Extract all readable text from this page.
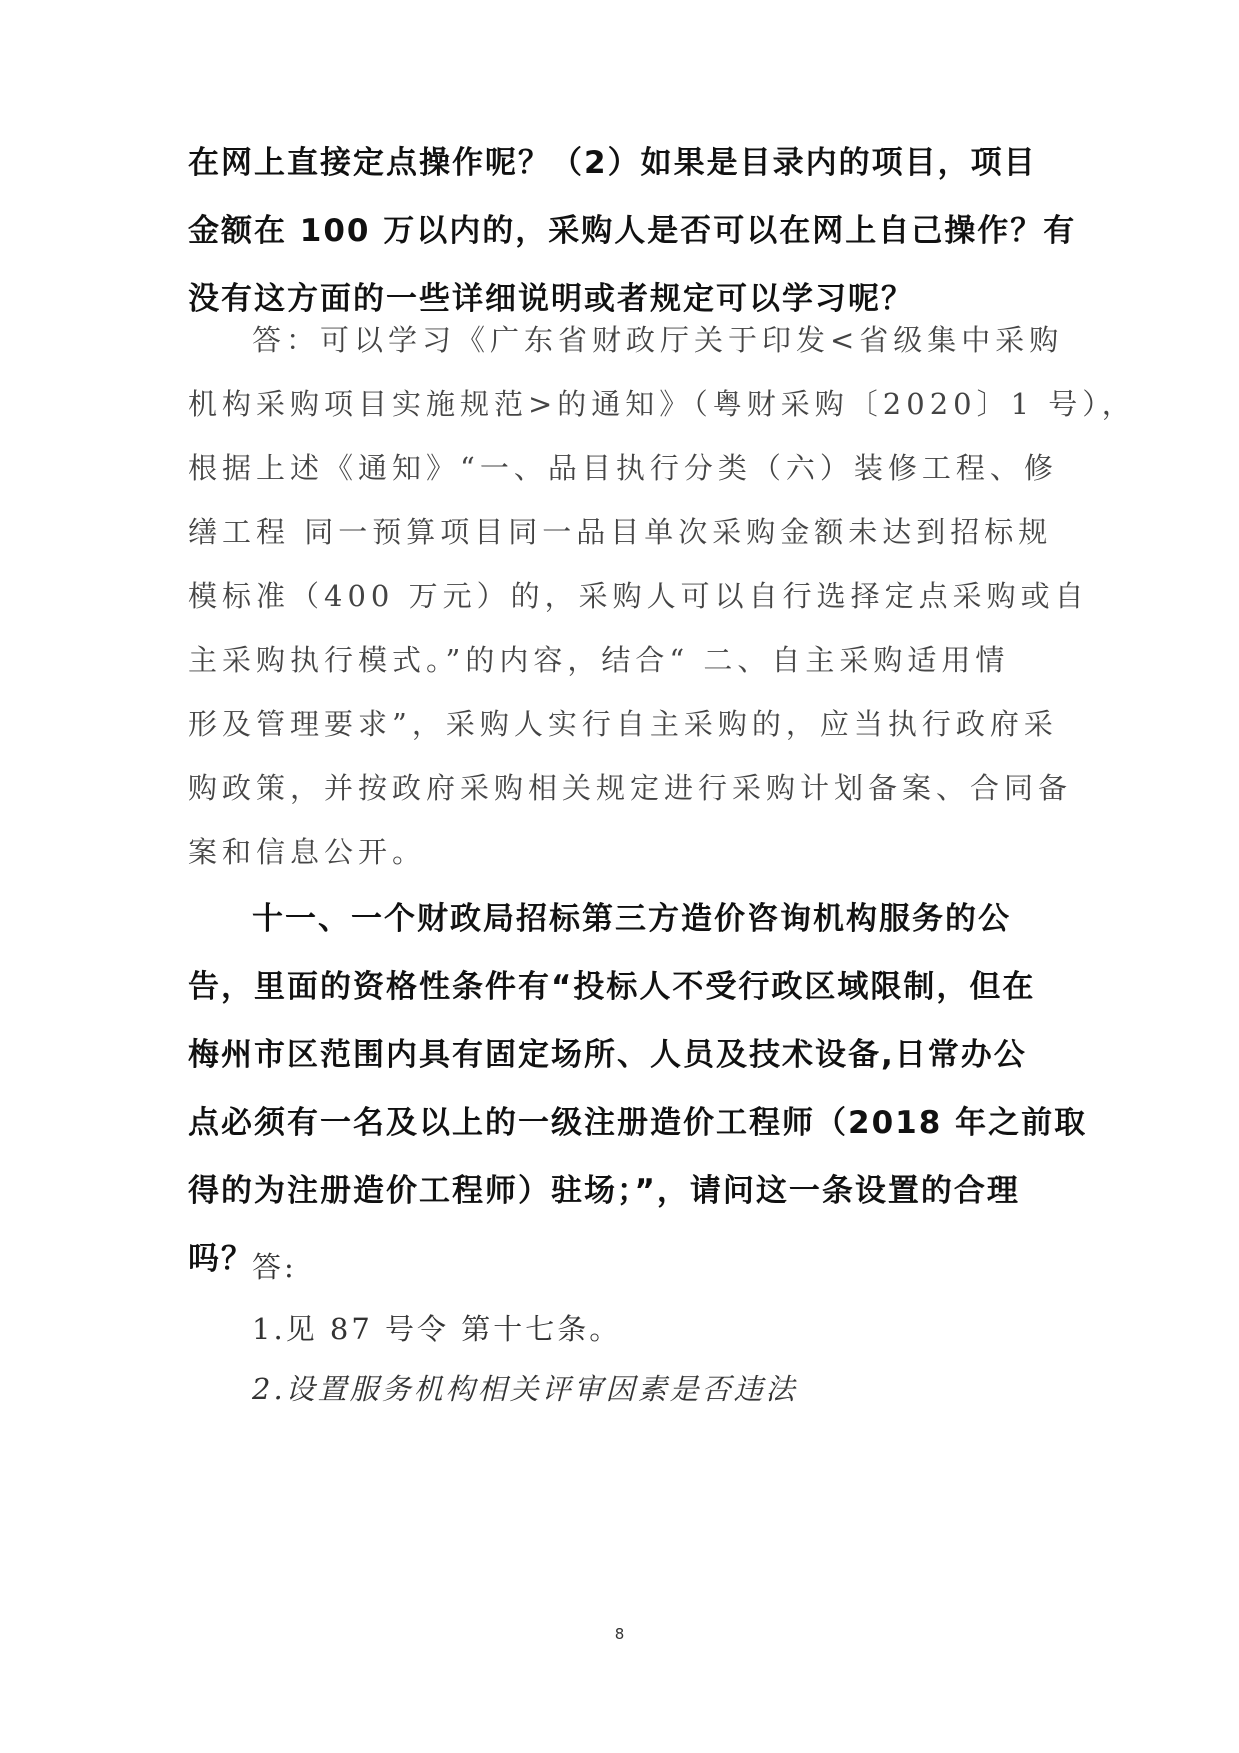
在网上直接定点操作呢？（2）如果是目录内的项目，项目
金额在 100 万以内的，采购人是否可以在网上自己操作？有
没有这方面的一些详细说明或者规定可以学习呢？
答：可以学习《广东省财政厅关于印发<省级集中采购
机构采购项目实施规范>的通知》（粤财采购〔2020〕1 号），
根据上述《通知》“一、品目执行分类（六）装修工程、修
缮工程 同一预算项目同一品目单次采购金额未达到招标规
模标准（400 万元）的，采购人可以自行选择定点采购或自
主采购执行模式。”的内容，结合“ 二、自主采购适用情
形及管理要求”，采购人实行自主采购的，应当执行政府采
购政策，并按政府采购相关规定进行采购计划备案、合同备
案和信息公开。
十一、一个财政局招标第三方造价咨询机构服务的公
告，里面的资格性条件有“投标人不受行政区域限制，但在
梅州市区范围内具有固定场所、人员及技术设备,日常办公
点必须有一名及以上的一级注册造价工程师（2018 年之前取
得的为注册造价工程师）驻场；”，请问这一条设置的合理
吗？
答:
1.见 87 号令 第十七条。
2.设置服务机构相关评审因素是否违法
8
